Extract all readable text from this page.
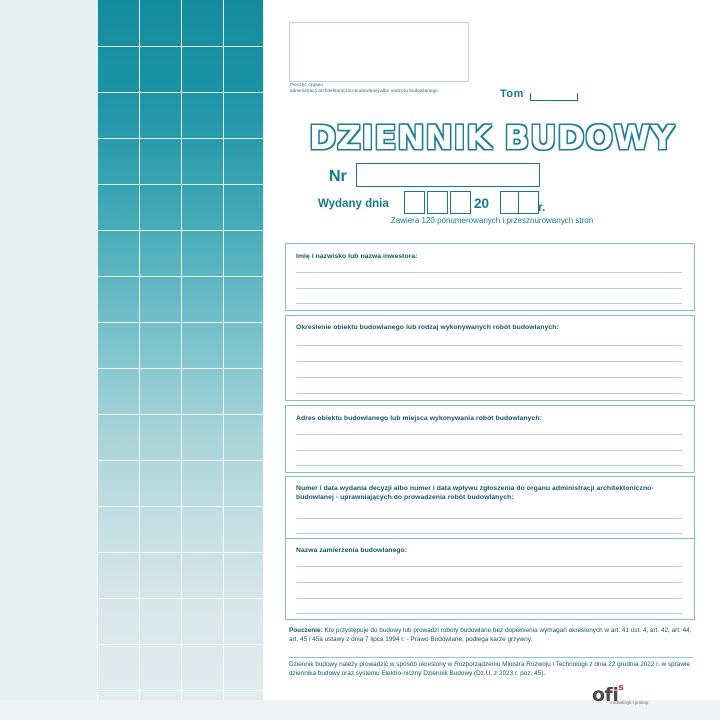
Pieczęć organu
administracji architektoniczno-budowlanej albo nadzoru budowlanego	Tom
DZIENNIK BUDOWY
Nr
Wydany dnia	20	r.
Zawiera 120 ponumerowanych i przesznurowanych stron
Imię i nazwisko lub nazwa inwestora:
Określenie obiektu budowlanego lub rodzaj wykonywanych robót budowlanych:
Adres obiektu budowlanego lub miejsca wykonywania robót budowlanych:
Numer i data wydania decyzji albo numer i data wpływu zgłoszenia do organu administracji architektoniczno-budowlanej - uprawniających do prowadzenia robót budowlanych:
Nazwa zamierzenia budowlanego:
Pouczenie: Kto przystępuje do budowy lub prowadzi roboty budowlane bez dopełnienia wymagań określonych w art. 41 ust. 4, art. 42, art. 44, art. 45 i 45a ustawy z dnia 7 lipca 1994 r. - Prawo Budowlane, podlega karze grzywny.
Dziennik budowy należy prowadzić w sposób określony w Rozporządzeniu Ministra Rozwoju i Technologii z dnia 22 grudnia 2022 r. w sprawie dziennika budowy oraz systemu Elektro-niczny Dziennik Budowy (Dz.U. z 2023 r. poz. 45).
ofis
michalczyk i prokop
